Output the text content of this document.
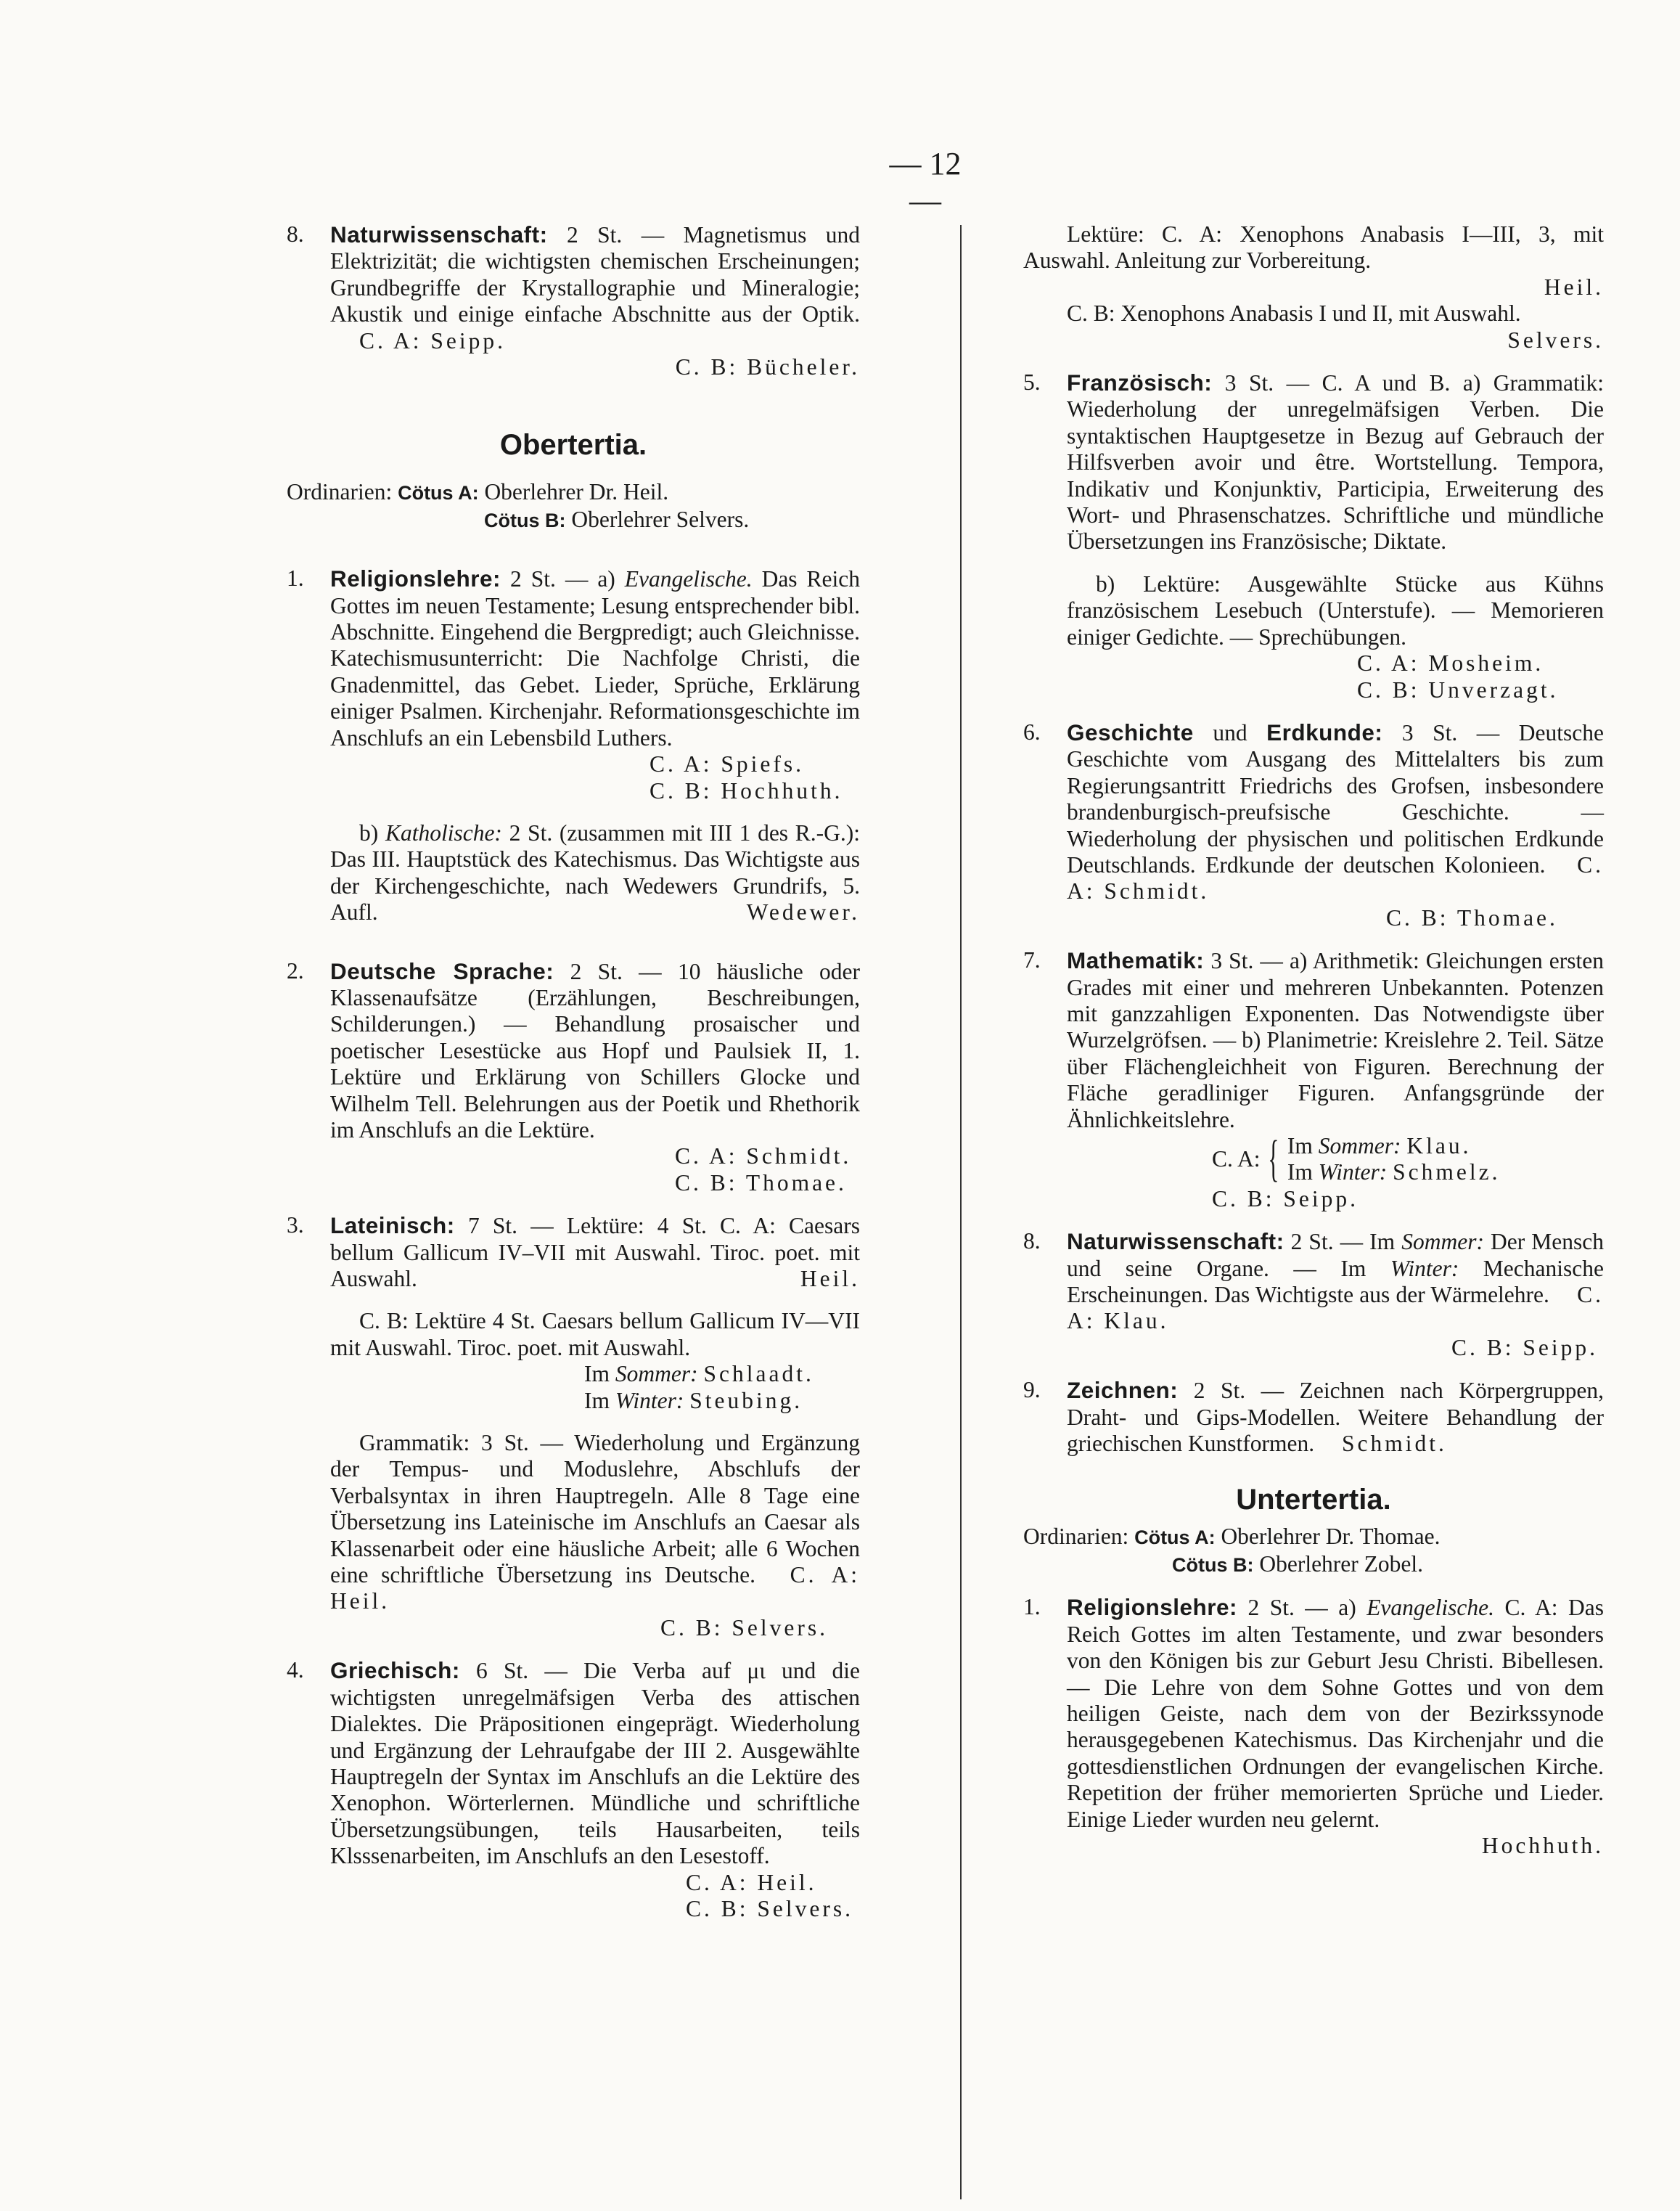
— 12 —
8. Naturwissenschaft: 2 St. — Magnetismus und Elektrizität; die wichtigsten chemischen Erscheinungen; Grundbegriffe der Krystallographie und Mineralogie; Akustik und einige einfache Abschnitte aus der Optik. C. A: Seipp.
C. B: Bücheler.
Obertertia.
Ordinarien: Cötus A: Oberlehrer Dr. Heil.
Cötus B: Oberlehrer Selvers.
1. Religionslehre: 2 St. — a) Evangelische. Das Reich Gottes im neuen Testamente; Lesung entsprechender bibl. Abschnitte. Eingehend die Bergpredigt; auch Gleichnisse. Katechismusunterricht: Die Nachfolge Christi, die Gnadenmittel, das Gebet. Lieder, Sprüche, Erklärung einiger Psalmen. Kirchenjahr. Reformationsgeschichte im Anschlufs an ein Lebensbild Luthers.
C. A: Spiefs.
C. B: Hochhuth.
b) Katholische: 2 St. (zusammen mit III 1 des R.-G.): Das III. Hauptstück des Katechismus. Das Wichtigste aus der Kirchengeschichte, nach Wedewers Grundrifs, 5. Aufl.	Wedewer.
2. Deutsche Sprache: 2 St. — 10 häusliche oder Klassenaufsätze (Erzählungen, Beschreibungen, Schilderungen.) — Behandlung prosaischer und poetischer Lesestücke aus Hopf und Paulsiek II, 1. Lektüre und Erklärung von Schillers Glocke und Wilhelm Tell. Belehrungen aus der Poetik und Rhethorik im Anschlufs an die Lektüre.
C. A: Schmidt.
C. B: Thomae.
3. Lateinisch: 7 St. — Lektüre: 4 St. C. A: Caesars bellum Gallicum IV–VII mit Auswahl. Tiroc. poet. mit Auswahl.	Heil.
C. B: Lektüre 4 St. Caesars bellum Gallicum IV—VII mit Auswahl. Tiroc. poet. mit Auswahl.
Im Sommer: Schlaadt.
Im Winter: Steubing.
Grammatik: 3 St. — Wiederholung und Ergänzung der Tempus- und Moduslehre, Abschlufs der Verbalsyntax in ihren Hauptregeln. Alle 8 Tage eine Übersetzung ins Lateinische im Anschlufs an Caesar als Klassenarbeit oder eine häusliche Arbeit; alle 6 Wochen eine schriftliche Übersetzung ins Deutsche. C. A: Heil.
C. B: Selvers.
4. Griechisch: 6 St. — Die Verba auf μι und die wichtigsten unregelmäfsigen Verba des attischen Dialektes. Die Präpositionen eingeprägt. Wiederholung und Ergänzung der Lehraufgabe der III 2. Ausgewählte Hauptregeln der Syntax im Anschlufs an die Lektüre des Xenophon. Wörterlernen. Mündliche und schriftliche Übersetzungsübungen, teils Hausarbeiten, teils Klsssenarbeiten, im Anschlufs an den Lesestoff.
C. A: Heil.
C. B: Selvers.
Lektüre: C. A: Xenophons Anabasis I—III, 3, mit Auswahl. Anleitung zur Vorbereitung.
Heil.
C. B: Xenophons Anabasis I und II, mit Auswahl.
Selvers.
5. Französisch: 3 St. — C. A und B. a) Grammatik: Wiederholung der unregelmäfsigen Verben. Die syntaktischen Hauptgesetze in Bezug auf Gebrauch der Hilfsverben avoir und être. Wortstellung. Tempora, Indikativ und Konjunktiv, Participia, Erweiterung des Wort- und Phrasenschatzes. Schriftliche und mündliche Übersetzungen ins Französische; Diktate.
b) Lektüre: Ausgewählte Stücke aus Kühns französischem Lesebuch (Unterstufe). — Memorieren einiger Gedichte. — Sprechübungen.
C. A: Mosheim.
C. B: Unverzagt.
6. Geschichte und Erdkunde: 3 St. — Deutsche Geschichte vom Ausgang des Mittelalters bis zum Regierungsantritt Friedrichs des Grofsen, insbesondere brandenburgisch-preufsische Geschichte. — Wiederholung der physischen und politischen Erdkunde Deutschlands. Erdkunde der deutschen Kolonieen. C. A: Schmidt.
C. B: Thomae.
7. Mathematik: 3 St. — a) Arithmetik: Gleichungen ersten Grades mit einer und mehreren Unbekannten. Potenzen mit ganzzahligen Exponenten. Das Notwendigste über Wurzelgröfsen. — b) Planimetrie: Kreislehre 2. Teil. Sätze über Flächengleichheit von Figuren. Berechnung der Fläche geradliniger Figuren. Anfangsgründe der Ähnlichkeitslehre.
C. A: { Im Sommer: Klau.
Im Winter: Schmelz.
C. B: Seipp.
8. Naturwissenschaft: 2 St. — Im Sommer: Der Mensch und seine Organe. — Im Winter: Mechanische Erscheinungen. Das Wichtigste aus der Wärmelehre. C. A: Klau.
C. B: Seipp.
9. Zeichnen: 2 St. — Zeichnen nach Körpergruppen, Draht- und Gips-Modellen. Weitere Behandlung der griechischen Kunstformen. Schmidt.
Untertertia.
Ordinarien: Cötus A: Oberlehrer Dr. Thomae.
Cötus B: Oberlehrer Zobel.
1. Religionslehre: 2 St. — a) Evangelische. C. A: Das Reich Gottes im alten Testamente, und zwar besonders von den Königen bis zur Geburt Jesu Christi. Bibellesen. — Die Lehre von dem Sohne Gottes und von dem heiligen Geiste, nach dem von der Bezirkssynode herausgegebenen Katechismus. Das Kirchenjahr und die gottesdienstlichen Ordnungen der evangelischen Kirche. Repetition der früher memorierten Sprüche und Lieder. Einige Lieder wurden neu gelernt.
Hochhuth.
